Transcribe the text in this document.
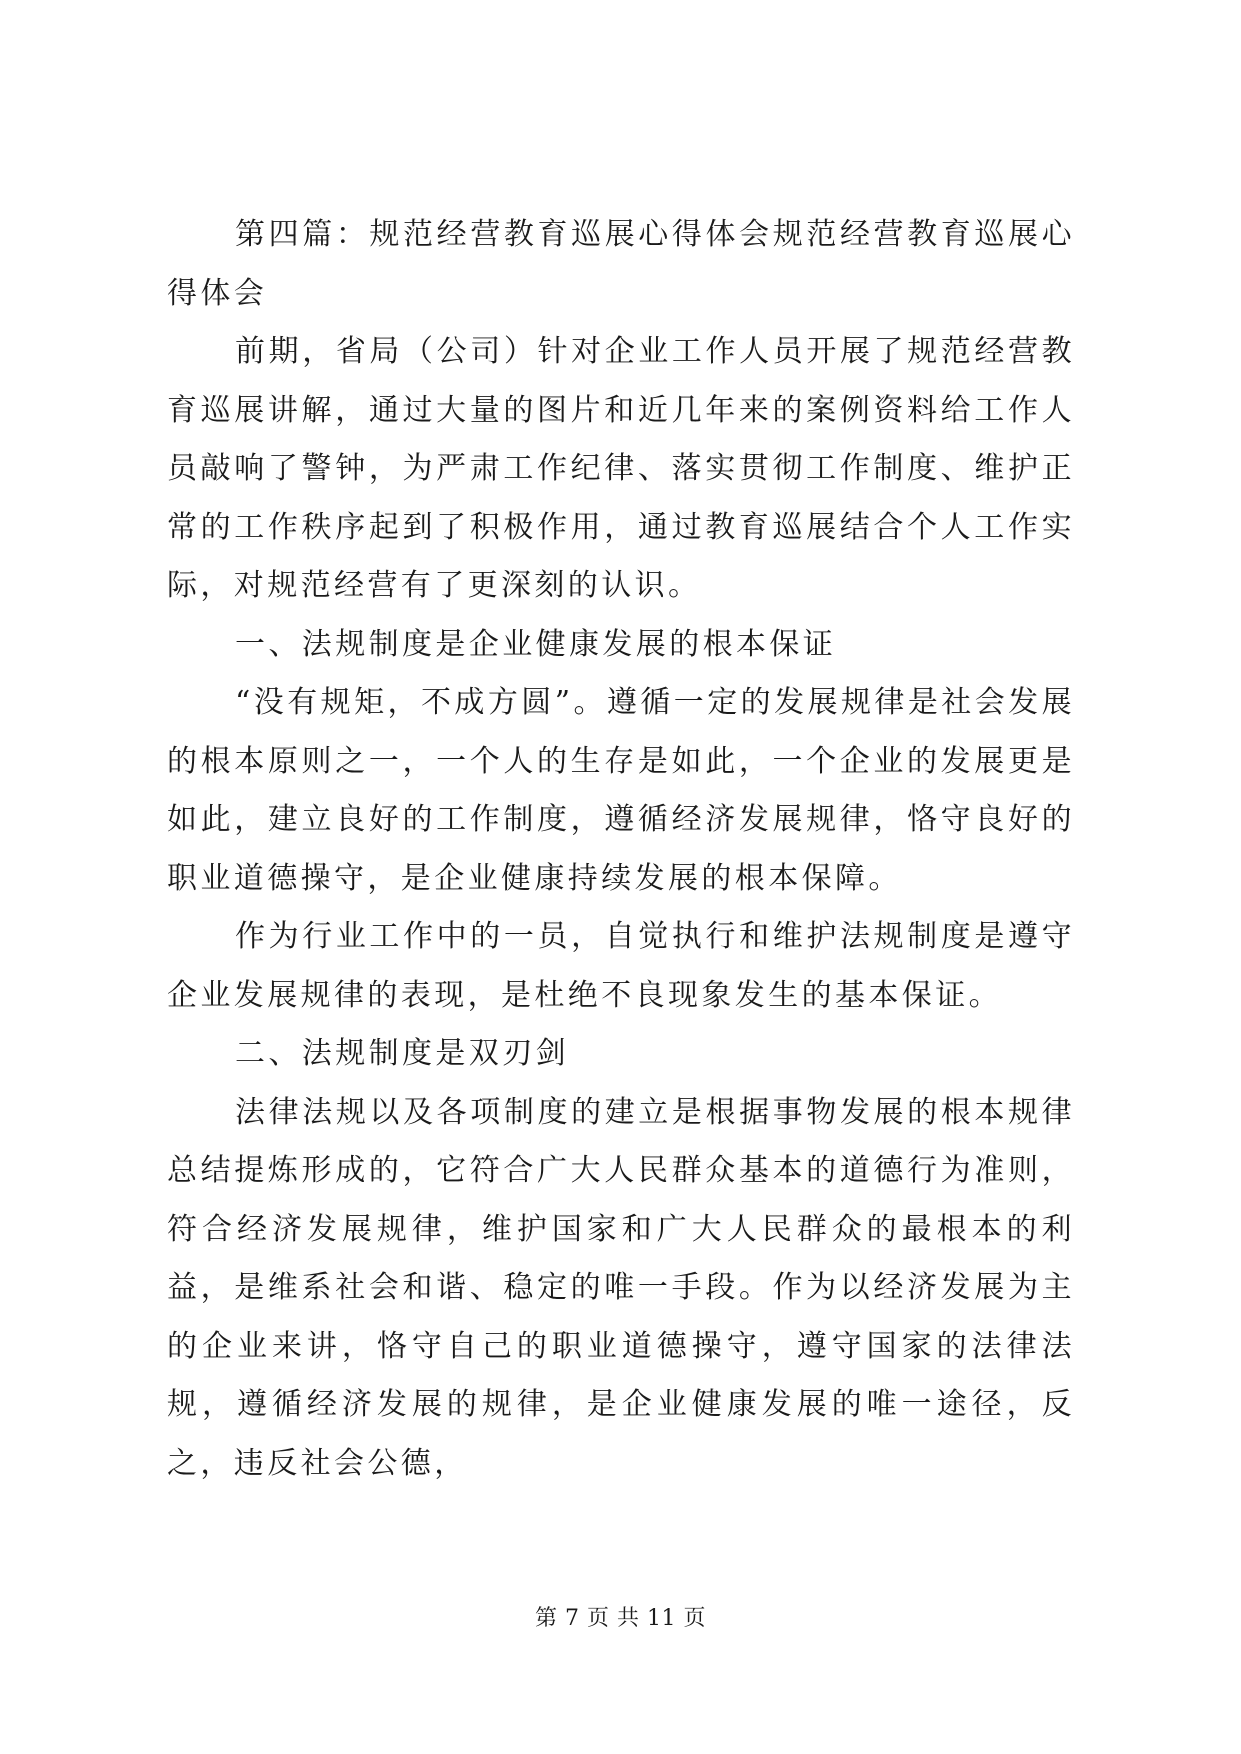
第四篇：规范经营教育巡展心得体会规范经营教育巡展心得体会

前期，省局（公司）针对企业工作人员开展了规范经营教育巡展讲解，通过大量的图片和近几年来的案例资料给工作人员敲响了警钟，为严肃工作纪律、落实贯彻工作制度、维护正常的工作秩序起到了积极作用，通过教育巡展结合个人工作实际，对规范经营有了更深刻的认识。

一、法规制度是企业健康发展的根本保证

“没有规矩，不成方圆”。遵循一定的发展规律是社会发展的根本原则之一，一个人的生存是如此，一个企业的发展更是如此，建立良好的工作制度，遵循经济发展规律，恪守良好的职业道德操守，是企业健康持续发展的根本保障。

作为行业工作中的一员，自觉执行和维护法规制度是遵守企业发展规律的表现，是杜绝不良现象发生的基本保证。

二、法规制度是双刃剑

法律法规以及各项制度的建立是根据事物发展的根本规律总结提炼形成的，它符合广大人民群众基本的道德行为准则，符合经济发展规律，维护国家和广大人民群众的最根本的利益，是维系社会和谐、稳定的唯一手段。作为以经济发展为主的企业来讲，恪守自己的职业道德操守，遵守国家的法律法规，遵循经济发展的规律，是企业健康发展的唯一途径，反之，违反社会公德，

第 7 页 共 11 页
